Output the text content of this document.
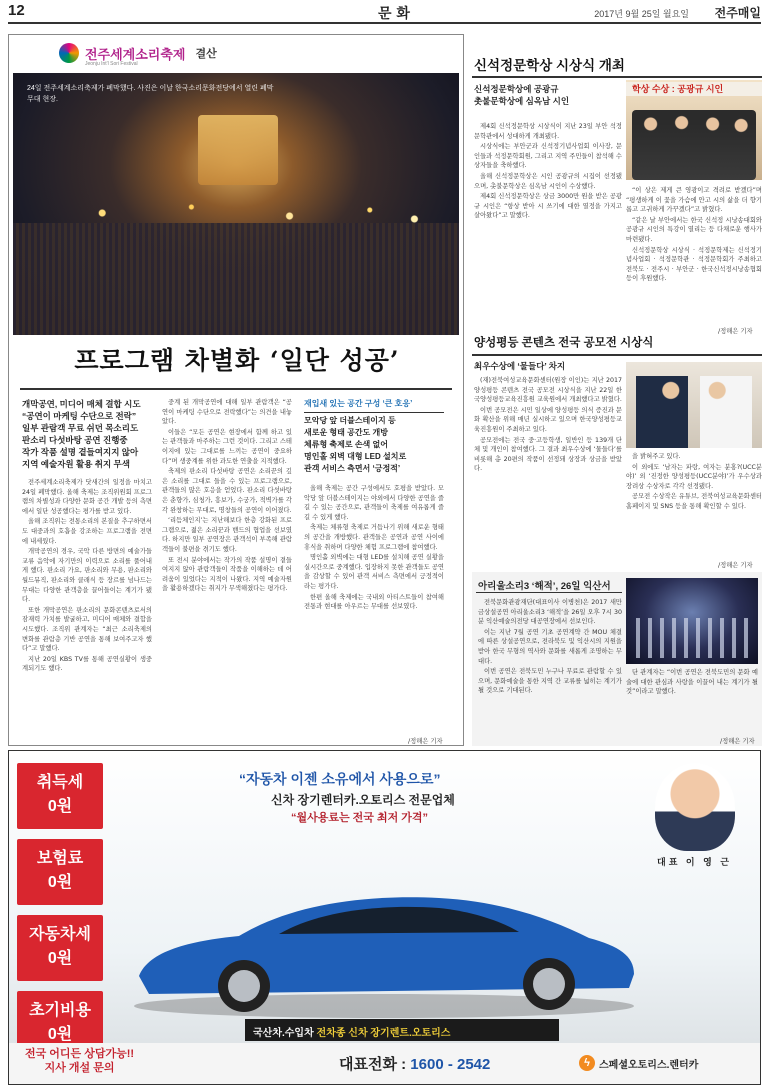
12	문 화	2017년 9월 25일 월요일 전주매일
전주세계소리축제
Jeonju Int'l Sori Festival
결산
24일 전주세계소리축제가 폐막했다. 사진은 이날 한국소리문화전당에서 열린 폐막 무대 현장.
프로그램 차별화 ‘일단 성공’
개막공연, 미디어 매체 결합 시도
“공연이 마케팅 수단으로 전락”
일부 관람객 무료 쉬던 목소리도
판소리 다섯바탕 공연 진행중
작가 작품 설명 곁들여지지 않아
지역 예술자원 활용 취지 무색

전주세계소리축제가 닷새간의 일정을 마치고 24일 폐막했다. 올해 축제는 조직위원회 프로그램의 차별성과 다양한 문화 공간 개발 등의 측면에서 일단 성공했다는 평가를 받고 있다.

올해 조직위는 전통소리의 본질을 추구하면서도 대중과의 호흡을 강조하는 프로그램을 전면에 내세웠다.

개막공연의 경우, 국악 다른 방면의 예술가들 교류 음악에 자기만의 이력으로 소리를 풀어내게 했다. 판소리 가요, 판소리와 무용, 판소리와 월드뮤직, 판소리와 클래식 등 장르를 넘나드는 무대는 다양한 관객층을 끌어들이는 계기가 됐다.

또한 개막공연은 판소리의 문화콘텐츠로서의 잠재력 가치를 발굴하고, 미디어 매체와 결합을 시도했다. 조직위 관계자는 “최근 소리축제의 변화를 관람층 기반 공연을 통해 보여주고자 했다”고 말했다.

지난 20일 KBS TV를 통해 공연실황이 생중계되기도 했다.

중계 된 개막공연에 대해 일부 관람객은 “공연이 마케팅 수단으로 전락했다”는 의견을 내놓았다.

이들은 “모든 공연은 현장에서 함께 하고 있는 관객들과 마주하는 그런 것이다. 그리고 스테이지에 있는 그대로를 느끼는 공연이 중요하다”며 생중계를 위한 과도한 연출을 지적했다.

축제의 판소리 다섯바탕 공연은 소리꾼의 깊은 소리를 그대로 들을 수 있는 프로그램으로, 관객들의 많은 호응을 얻었다. 판소리 다섯바탕은 춘향가, 심청가, 흥보가, 수궁가, 적벽가를 각각 완창하는 무대로, 명창들의 공연이 이어졌다.

‘리듬체인지’는 지난해보다 한층 강화된 프로그램으로, 젊은 소리꾼과 밴드의 협업을 선보였다. 하지만 일부 공연장은 관객석이 부족해 관람객들이 불편을 겪기도 했다.

또 전시 분야에서는 작가의 작품 설명이 곁들여지지 않아 관람객들이 작품을 이해하는 데 어려움이 있었다는 지적이 나왔다. 지역 예술자원을 활용하겠다는 취지가 무색해졌다는 평가다.

재입새 있는 공간 구성 ‘큰 호응’
모악당 앞 더블스테이지 등
새로운 형태 공간도 개방
체류형 축제로 손색 없어
명인홀 외벽 대형 LED 설치로
관객 서비스 측면서 ‘긍정적’

올해 축제는 공간 구성에서도 호평을 받았다. 모악당 앞 더블스테이지는 야외에서 다양한 공연을 즐길 수 있는 공간으로, 관객들이 축제를 여유롭게 즐길 수 있게 했다.

축제는 체류형 축제로 거듭나기 위해 새로운 형태의 공간을 개방했다. 관객들은 공연과 공연 사이에 휴식을 취하며 다양한 체험 프로그램에 참여했다.

명인홀 외벽에는 대형 LED를 설치해 공연 실황을 실시간으로 중계했다. 입장하지 못한 관객들도 공연을 감상할 수 있어 관객 서비스 측면에서 긍정적이라는 평가다.

한편 올해 축제에는 국내외 아티스트들이 참여해 전통과 현대를 아우르는 무대를 선보였다.

/정해은 기자
신석정문학상 시상식 개최
신석정문학상에 공광규
촛불문학상에 심옥남 시인

제4회 신석정문학상 시상식이 지난 23일 부안 석정문학관에서 성대하게 개최됐다.

시상식에는 부안군과 신석정기념사업회 이사장, 문인들과 석정문학회원, 그리고 지역 주민들이 참석해 수상자들을 축하했다.

올해 신석정문학상은 시인 공광규의 시집이 선정됐으며, 촛불문학상은 심옥남 시인이 수상했다.

제4회 신석정문학상은 상금 3000만 원을 받은 공광규 시인은 “항상 받아 시 쓰기에 대한 열정을 가지고 살아왔다”고 말했다.

학상 수상 : 공광규 시인

“이 상은 제게 큰 영광이고 격려로 받겠다”며 “평생하게 이 꽃을 가슴에 안고 시의 삶을 더 향기롭고 고귀하게 가꾸겠다”고 밝혔다.

“같은 날 부안에서는 한국 신석정 시낭송대회와 공광규 시인의 특강이 열리는 등 다채로운 행사가 마련됐다.

신석정문학상 시상식 · 석정문학제는 신석정기념사업회 · 석정문학관 · 석정문학회가 주최하고 전북도 · 전주시 · 부안군 · 한국신석정시낭송협회 등이 후원했다.

/정해은 기자
양성평등 콘텐츠 전국 공모전 시상식
최우수상에 ‘물들다’ 차지

(재)전북여성교육문화센터(원장 이인)는 지난 2017 양성평등 콘텐츠 전국 공모전 시상식을 지난 22일 한국양성평등교육진흥원 교육원에서 개최했다고 밝혔다.

이번 공모전은 시민 일상에 양성평등 의식 증진과 문화 확산을 위해 매년 실시하고 있으며 한국양성평등교육진흥원이 주최하고 있다.

공모전에는 전국 중·고등학생, 일반인 등 139개 단체 및 개인이 참여했다. 그 결과 최우수상에 ‘물들다’를 비롯해 총 20편의 작품이 선정돼 상장과 상금을 받았다.

을 밝혀주고 있다.

이 외에도 ‘남자는 파랑, 여자는 분홍?(UCC분야)’ 외 ‘진정한 양성평등(UCC분야)’가 우수상과 장려상 수상자로 각각 선정됐다.

공모전 수상작은 유튜브, 전북여성교육문화센터 홈페이지 및 SNS 등을 통해 확인할 수 있다.

/정해은 기자
아리울소리3 ‘해적’, 26일 익산서

전북문화관광재단(대표이사 이병천)은 2017 새만금상설공연 아리울소리3 ‘해적’을 26일 오후 7시 30분 익산예술의전당 대공연장에서 선보인다.

이는 지난 7월 공연 기초 공연계약 간 MOU 체결에 따른 상설공연으로, 전라북도 및 익산시의 지원을 받아 한국 무형의 역사와 문화를 새롭게 조명하는 무대다.

이번 공연은 전북도민 누구나 무료로 관람할 수 있으며, 문화예술을 통한 지역 간 교류를 넓히는 계기가 될 것으로 기대된다.

단 관계자는 “이번 공연은 전북도민의 문화 예술에 대한 관심과 사랑을 이끌어 내는 계기가 될 것”이라고 말했다.

/정해은 기자
취득세
0원
보험료
0원
자동차세
0원
초기비용
0원
“자동차 이젠 소유에서 사용으로”
신차 장기렌터카.오토리스 전문업체
“월사용료는 전국 최저 가격”
대표 이 영 근
국산차.수입차 전차종 신차 장기렌트.오토리스
전국 어디든 상담가능!!
지사 개설 문의	대표전화 : 1600 - 2542	ϟ 스페셜오토리스.렌터카
